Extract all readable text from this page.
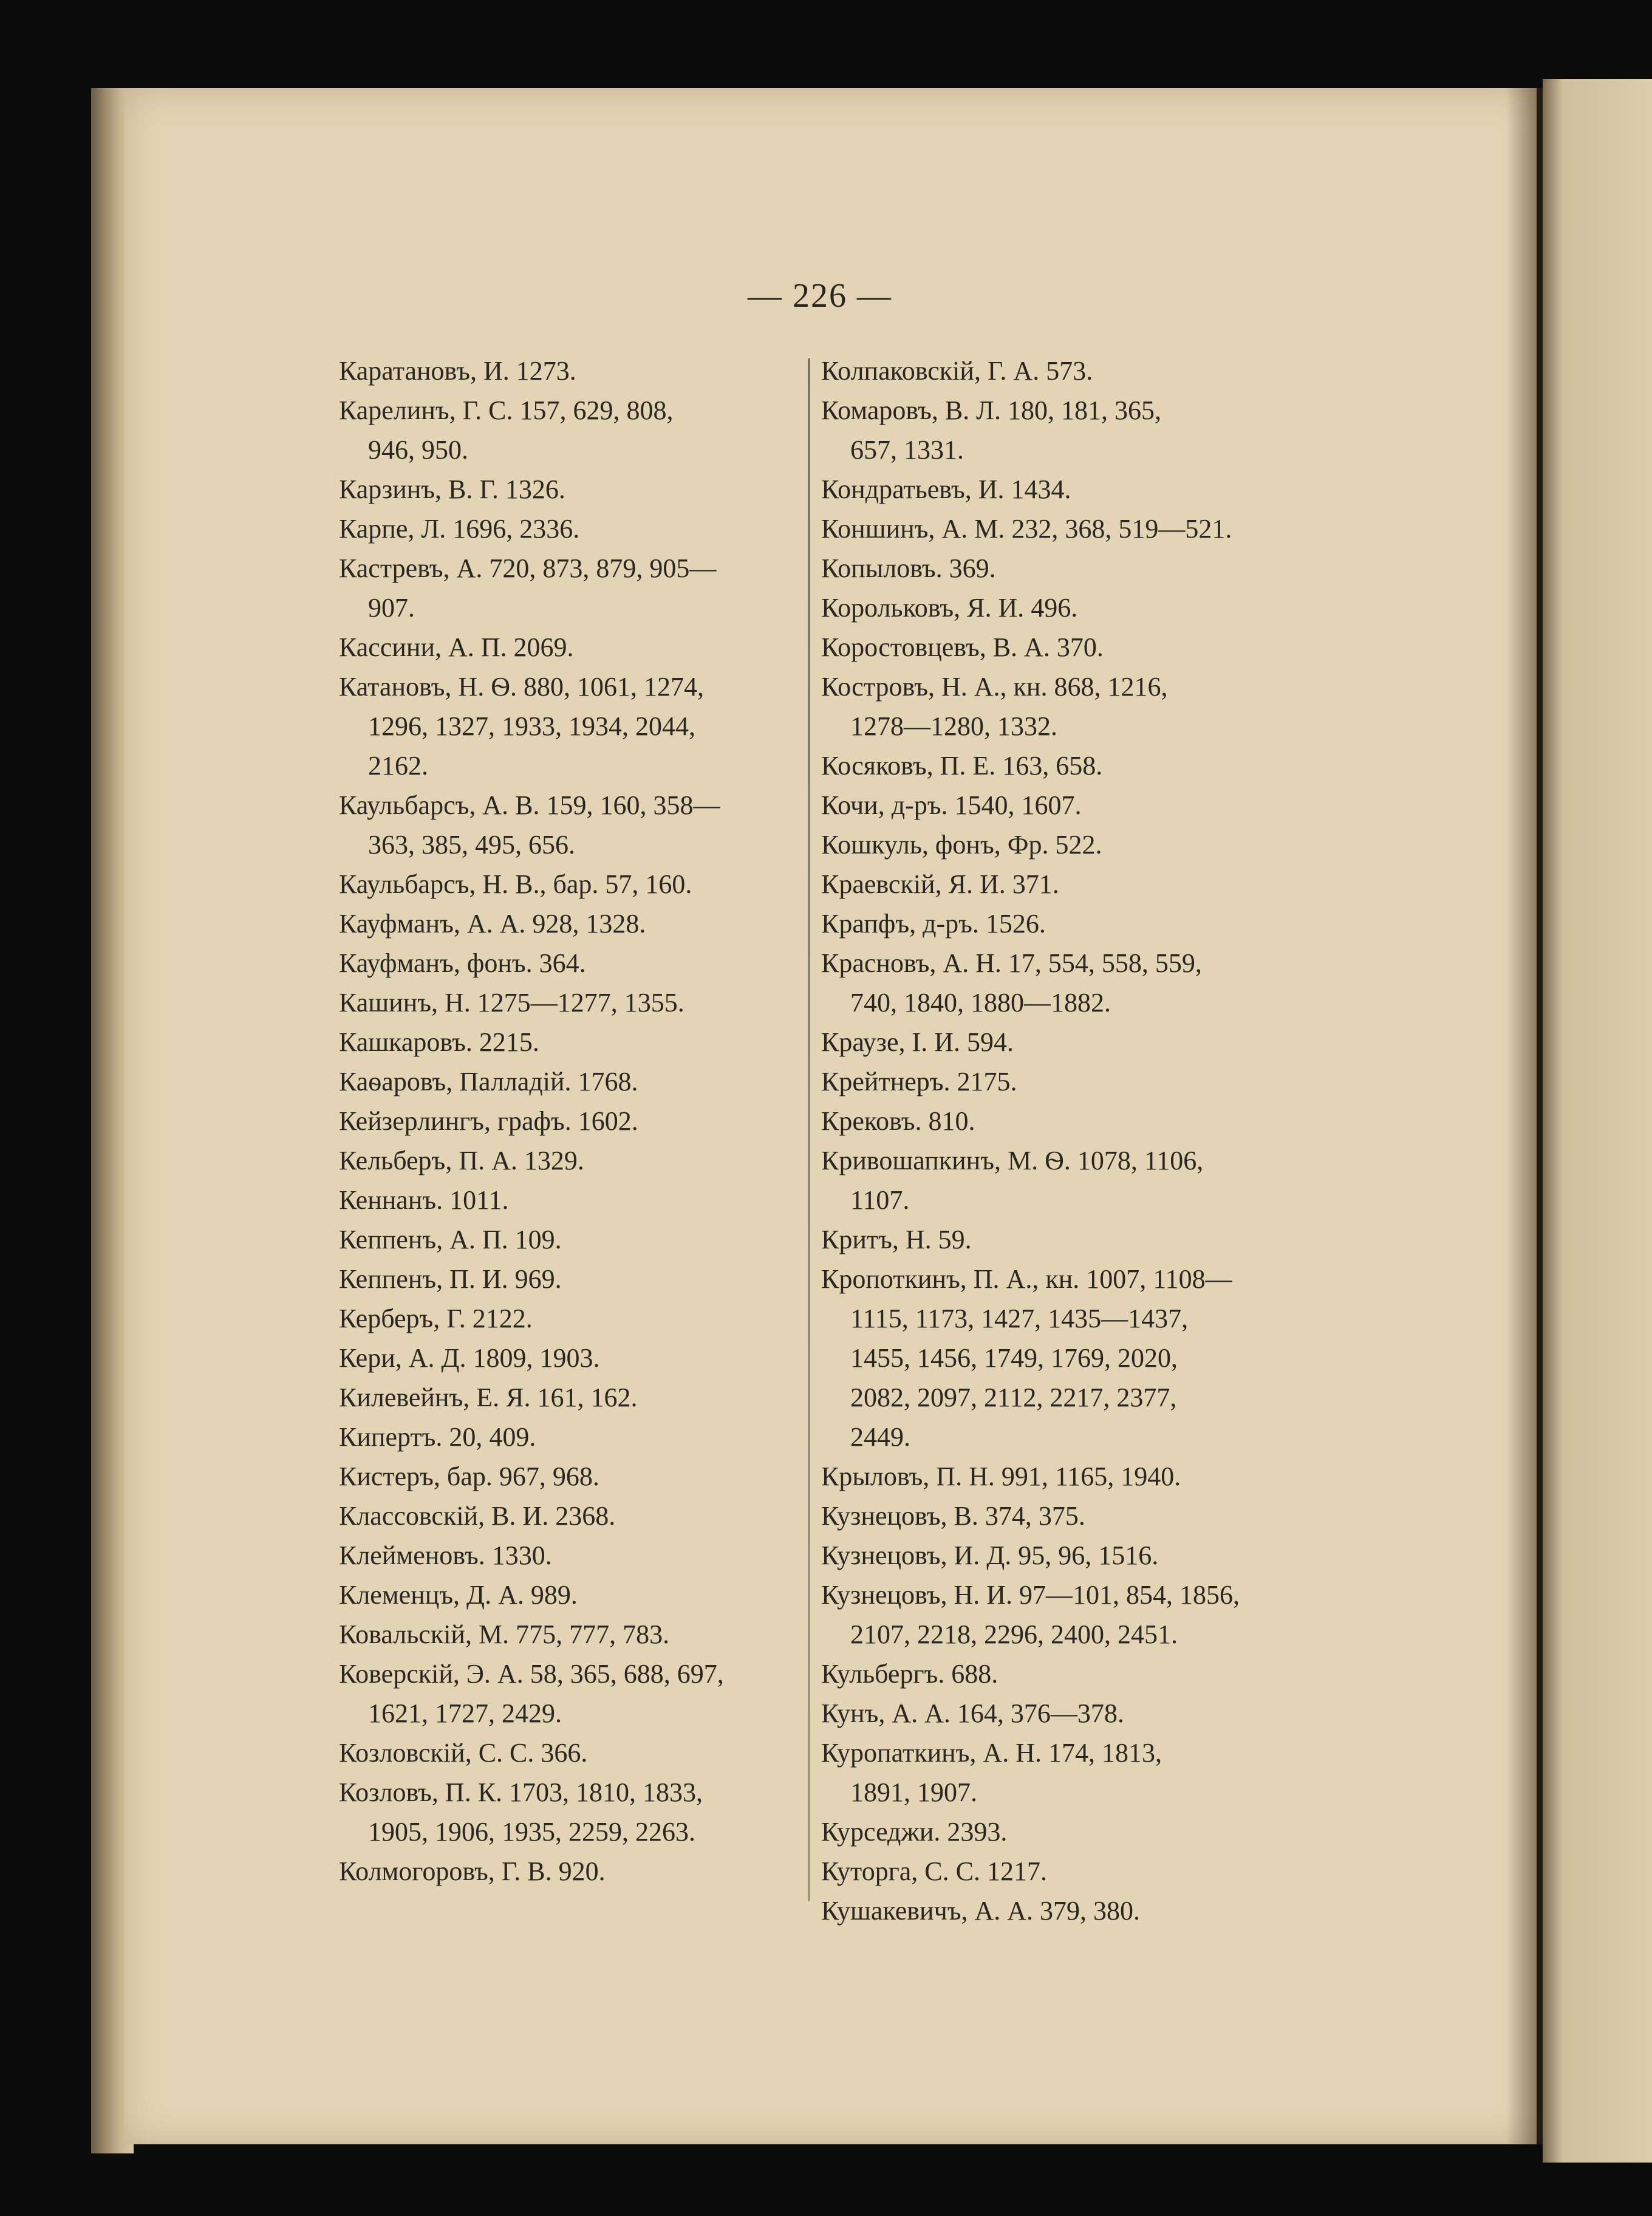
— 226 —
Каратановъ, И. 1273.
Карелинъ, Г. С. 157, 629, 808,
946, 950.
Карзинъ, В. Г. 1326.
Карпе, Л. 1696, 2336.
Кастревъ, А. 720, 873, 879, 905—
907.
Кассини, А. П. 2069.
Катановъ, Н. Ѳ. 880, 1061, 1274,
1296, 1327, 1933, 1934, 2044,
2162.
Каульбарсъ, А. В. 159, 160, 358—
363, 385, 495, 656.
Каульбарсъ, Н. В., бар. 57, 160.
Кауфманъ, А. А. 928, 1328.
Кауфманъ, фонъ. 364.
Кашинъ, Н. 1275—1277, 1355.
Кашкаровъ. 2215.
Каѳаровъ, Палладій. 1768.
Кейзерлингъ, графъ. 1602.
Кельберъ, П. А. 1329.
Кеннанъ. 1011.
Кеппенъ, А. П. 109.
Кеппенъ, П. И. 969.
Керберъ, Г. 2122.
Кери, А. Д. 1809, 1903.
Килевейнъ, Е. Я. 161, 162.
Кипертъ. 20, 409.
Кистеръ, бар. 967, 968.
Классовскій, В. И. 2368.
Клейменовъ. 1330.
Клеменцъ, Д. А. 989.
Ковальскій, М. 775, 777, 783.
Коверскій, Э. А. 58, 365, 688, 697,
1621, 1727, 2429.
Козловскій, С. С. 366.
Козловъ, П. К. 1703, 1810, 1833,
1905, 1906, 1935, 2259, 2263.
Колмогоровъ, Г. В. 920.
Колпаковскій, Г. А. 573.
Комаровъ, В. Л. 180, 181, 365,
657, 1331.
Кондратьевъ, И. 1434.
Коншинъ, А. М. 232, 368, 519—521.
Копыловъ. 369.
Корольковъ, Я. И. 496.
Коростовцевъ, В. А. 370.
Костровъ, Н. А., кн. 868, 1216,
1278—1280, 1332.
Косяковъ, П. Е. 163, 658.
Кочи, д-ръ. 1540, 1607.
Кошкуль, фонъ, Фр. 522.
Краевскій, Я. И. 371.
Крапфъ, д-ръ. 1526.
Красновъ, А. Н. 17, 554, 558, 559,
740, 1840, 1880—1882.
Краузе, І. И. 594.
Крейтнеръ. 2175.
Крековъ. 810.
Кривошапкинъ, М. Ѳ. 1078, 1106,
1107.
Критъ, Н. 59.
Кропоткинъ, П. А., кн. 1007, 1108—
1115, 1173, 1427, 1435—1437,
1455, 1456, 1749, 1769, 2020,
2082, 2097, 2112, 2217, 2377,
2449.
Крыловъ, П. Н. 991, 1165, 1940.
Кузнецовъ, В. 374, 375.
Кузнецовъ, И. Д. 95, 96, 1516.
Кузнецовъ, Н. И. 97—101, 854, 1856,
2107, 2218, 2296, 2400, 2451.
Кульбергъ. 688.
Кунъ, А. А. 164, 376—378.
Куропаткинъ, А. Н. 174, 1813,
1891, 1907.
Курседжи. 2393.
Куторга, С. С. 1217.
Кушакевичъ, А. А. 379, 380.
